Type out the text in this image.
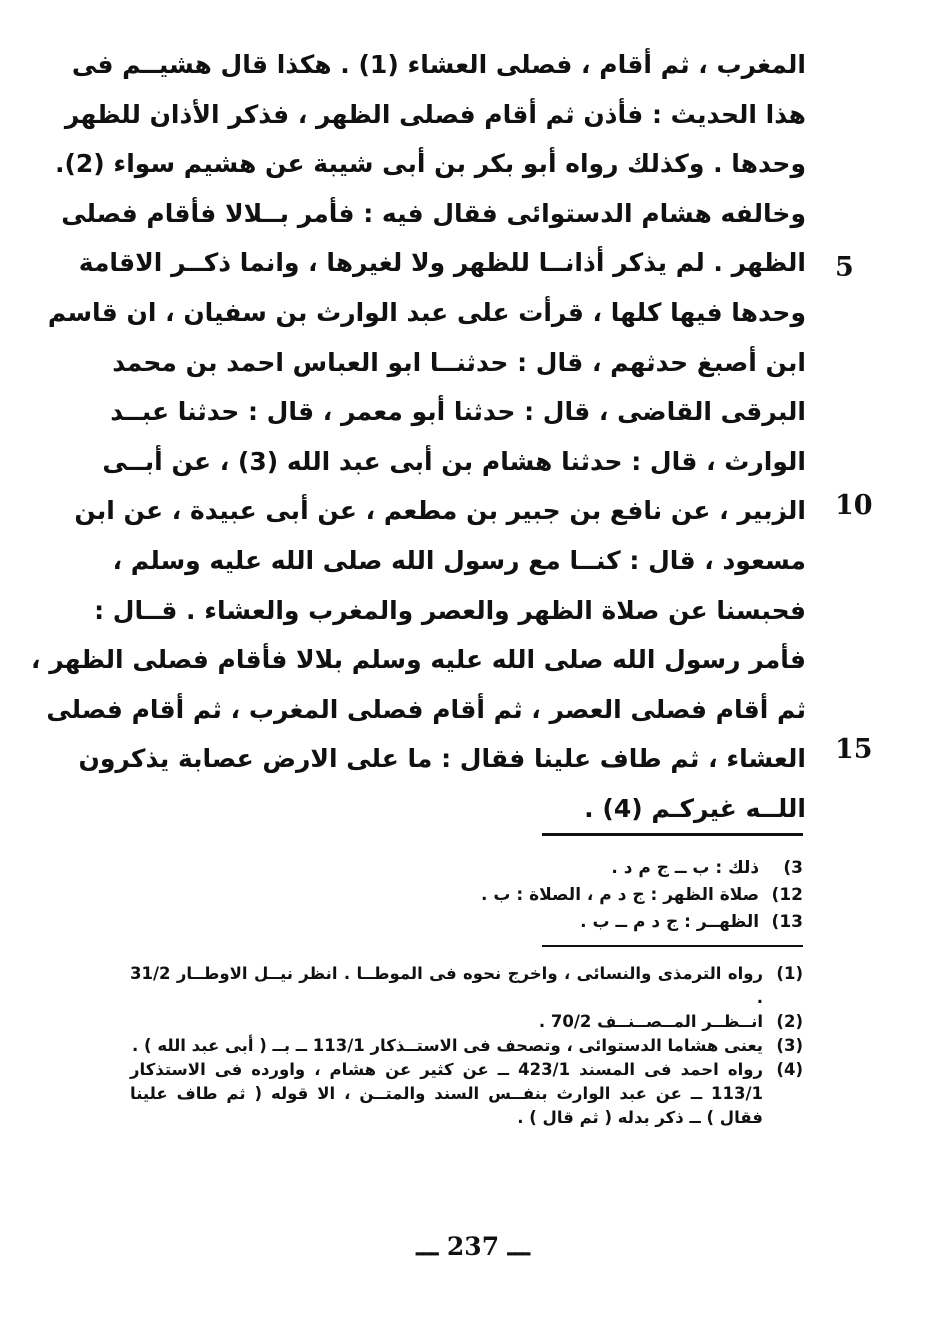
المغرب ، ثم أقام ، فصلى العشاء (1) . هكذا قال هشيــم فى
هذا الحديث : فأذن ثم أقام فصلى الظهر ، فذكر الأذان للظهر
وحدها . وكذلك رواه أبو بكر بن أبى شيبة عن هشيم سواء (2).
وخالفه هشام الدستوائى فقال فيه : فأمر بــلالا فأقام فصلى
الظهر . لم يذكر أذانــا للظهر ولا لغيرها ، وانما ذكــر الاقامة
وحدها فيها كلها ، قرأت على عبد الوارث بن سفيان ، ان قاسم
ابن أصبغ حدثهم ، قال : حدثنــا ابو العباس احمد بن محمد
البرقى القاضى ، قال : حدثنا أبو معمر ، قال : حدثنا عبــد
الوارث ، قال : حدثنا هشام بن أبى عبد الله (3) ، عن أبــى
الزبير ، عن نافع بن جبير بن مطعم ، عن أبى عبيدة ، عن ابن
مسعود ، قال : كنــا مع رسول الله صلى الله عليه وسلم ،
فحبسنا عن صلاة الظهر والعصر والمغرب والعشاء . قــال :
فأمر رسول الله صلى الله عليه وسلم بلالا فأقام فصلى الظهر ،
ثم أقام فصلى العصر ، ثم أقام فصلى المغرب ، ثم أقام فصلى
العشاء ، ثم طاف علينا فقال : ما على الارض عصابة يذكرون
اللــه غيركـم (4) .
5
10
15
3) ذلك : ب ــ ج م د .
12) صلاة الظهر : ج د م ، الصلاة : ب .
13) الظهــر : ج د م ــ ب .
(1)
رواه الترمذى والنسائى ، واخرج نحوه فى الموطــا . انظر نيــل الاوطــار 31/2 .
(2)
انــظــر المــصــنــف 70/2 .
(3)
يعنى هشاما الدستوائى ، وتصحف فى الاستــذكار 113/1 ــ بــ ( أبى عبد الله ) .
(4)
رواه احمد فى المسند 423/1 ــ عن كثير عن هشام ، واورده فى الاستذكار 113/1 ــ عن عبد الوارث بنفــس السند والمتــن ، الا قوله ( ثم طاف علينا فقال ) ــ ذكر بدله ( ثم قال ) .
ـــ 237 ـــ
